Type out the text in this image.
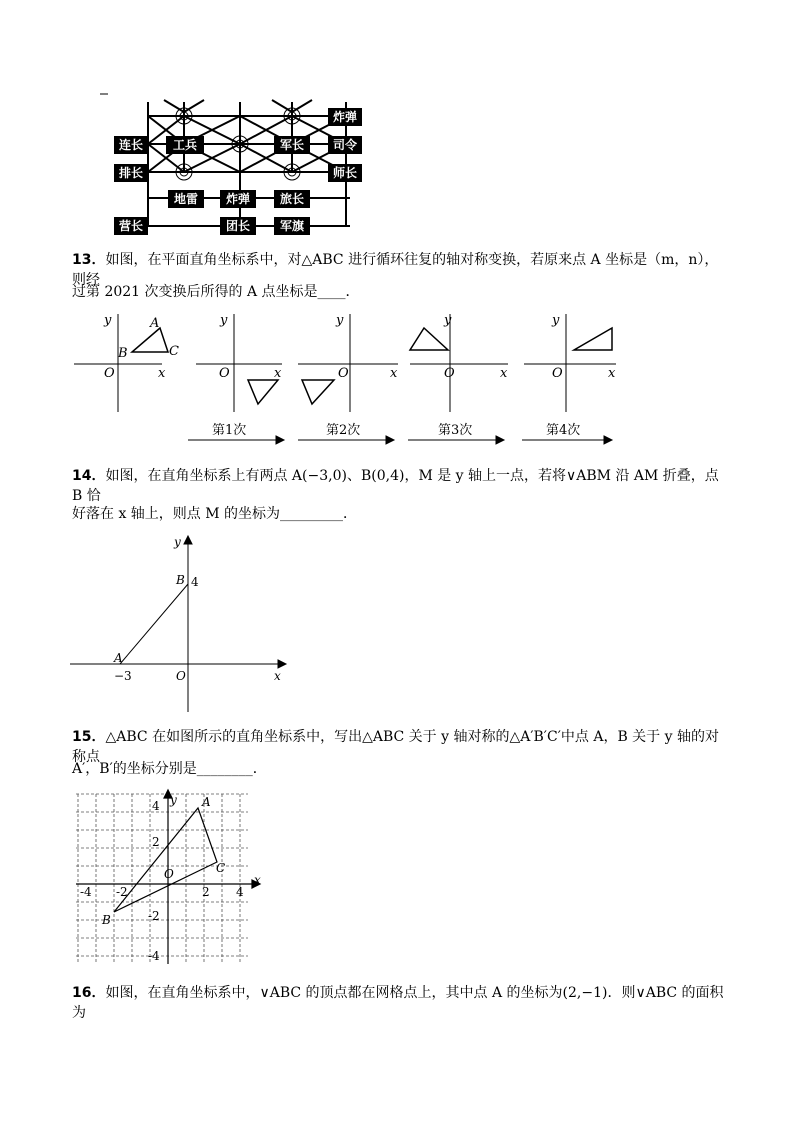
炸弹
连长 工兵	军长 司令
排长	师长
地雷 炸弹 旅长
营长	团长 军旗
13．如图，在平面直角坐标系中，对△ABC 进行循环往复的轴对称变换，若原来点 A 坐标是（m，n），则经
过第 2021 次变换后所得的 A 点坐标是____．
y
O	x
A
B	C
y
O	x
y
O	x
y
O	x
y
O	x
第1次	第2次	第3次	第4次
14．如图，在直角坐标系上有两点 A(−3,0)、B(0,4)，M 是 y 轴上一点，若将∨ABM 沿 AM 折叠，点 B 恰
好落在 x 轴上，则点 M 的坐标为_________．
y
x
O
B 4
A
−3
15．△ABC 在如图所示的直角坐标系中，写出△ABC 关于 y 轴对称的△A′B′C′中点 A，B 关于 y 轴的对称点
A′，B′的坐标分别是________．
y
x
O
A
B
C
4
2
-2
-4
4
2
-2
-4
16．如图，在直角坐标系中，∨ABC 的顶点都在网格点上，其中点 A 的坐标为(2,−1)．则∨ABC 的面积为
